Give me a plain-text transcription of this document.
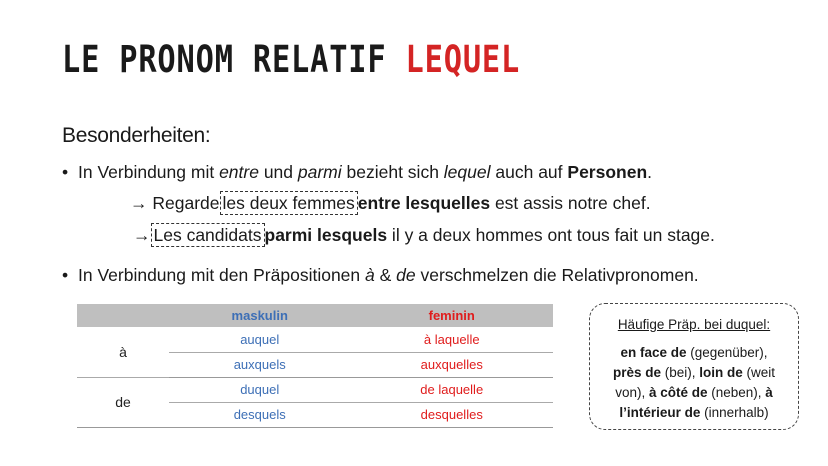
LE PRONOM RELATIF LEQUEL
Besonderheiten:
• In Verbindung mit entre und parmi bezieht sich lequel auch auf Personen.
→ Regarde les deux femmes entre lesquelles est assis notre chef.
→ Les candidats parmi lesquels il y a deux hommes ont tous fait un stage.
• In Verbindung mit den Präpositionen à & de verschmelzen die Relativpronomen.
	maskulin	feminin
à	auquel	à laquelle
	auxquels	auxquelles
de	duquel	de laquelle
	desquels	desquelles
Häufige Präp. bei duquel:
en face de (gegenüber),
près de (bei), loin de (weit
von), à côté de (neben), à
l’intérieur de (innerhalb)
